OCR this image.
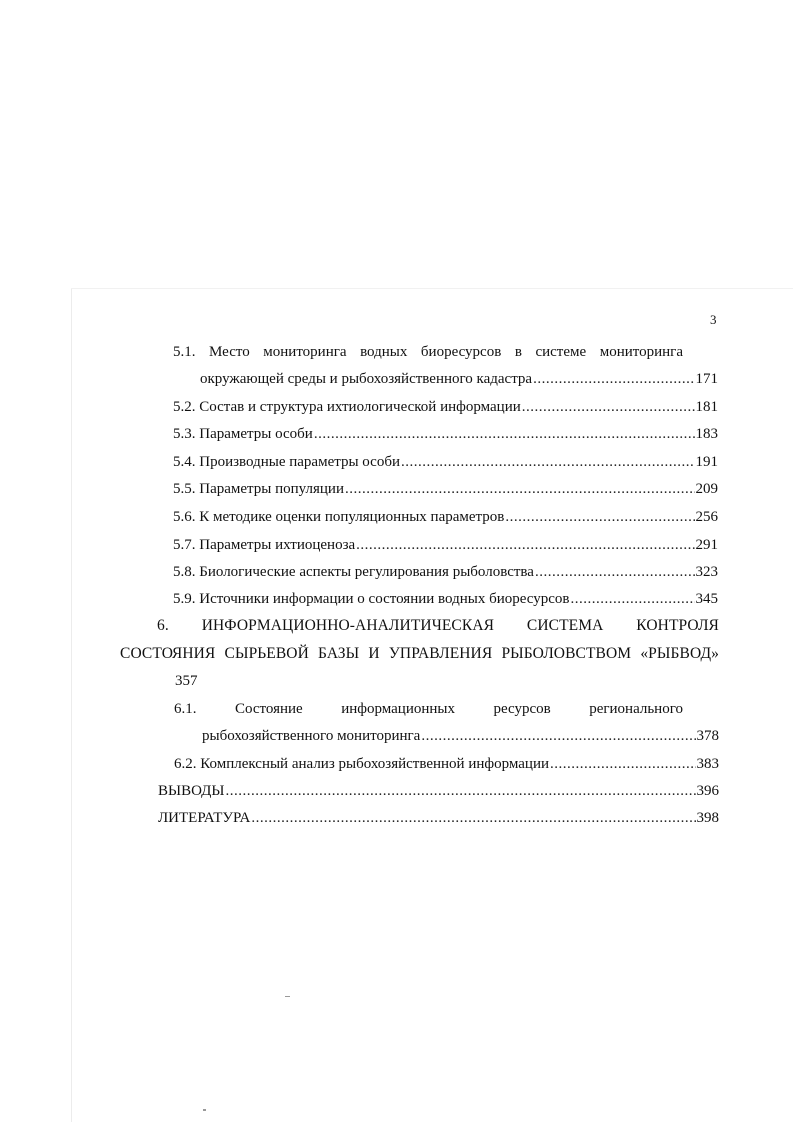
3
5.1. Место мониторинга водных биоресурсов в системе мониторинга
окружающей среды и рыбохозяйственного кадастра .....	171
5.2. Состав и структура ихтиологической информации .....	181
5.3. Параметры особи .....	183
5.4. Производные параметры особи .....	191
5.5. Параметры популяции .....	209
5.6. К методике оценки популяционных параметров .....	256
5.7. Параметры ихтиоценоза .....	291
5.8. Биологические аспекты регулирования рыболовства .....	323
5.9. Источники информации о состоянии водных биоресурсов .....	345
6. ИНФОРМАЦИОННО-АНАЛИТИЧЕСКАЯ СИСТЕМА КОНТРОЛЯ
СОСТОЯНИЯ СЫРЬЕВОЙ БАЗЫ И УПРАВЛЕНИЯ РЫБОЛОВСТВОМ «РЫБВОД»
357
6.1. Состояние информационных ресурсов регионального
рыбохозяйственного мониторинга .....	378
6.2. Комплексный анализ рыбохозяйственной информации .....	383
ВЫВОДЫ .....	396
ЛИТЕРАТУРА .....	398
